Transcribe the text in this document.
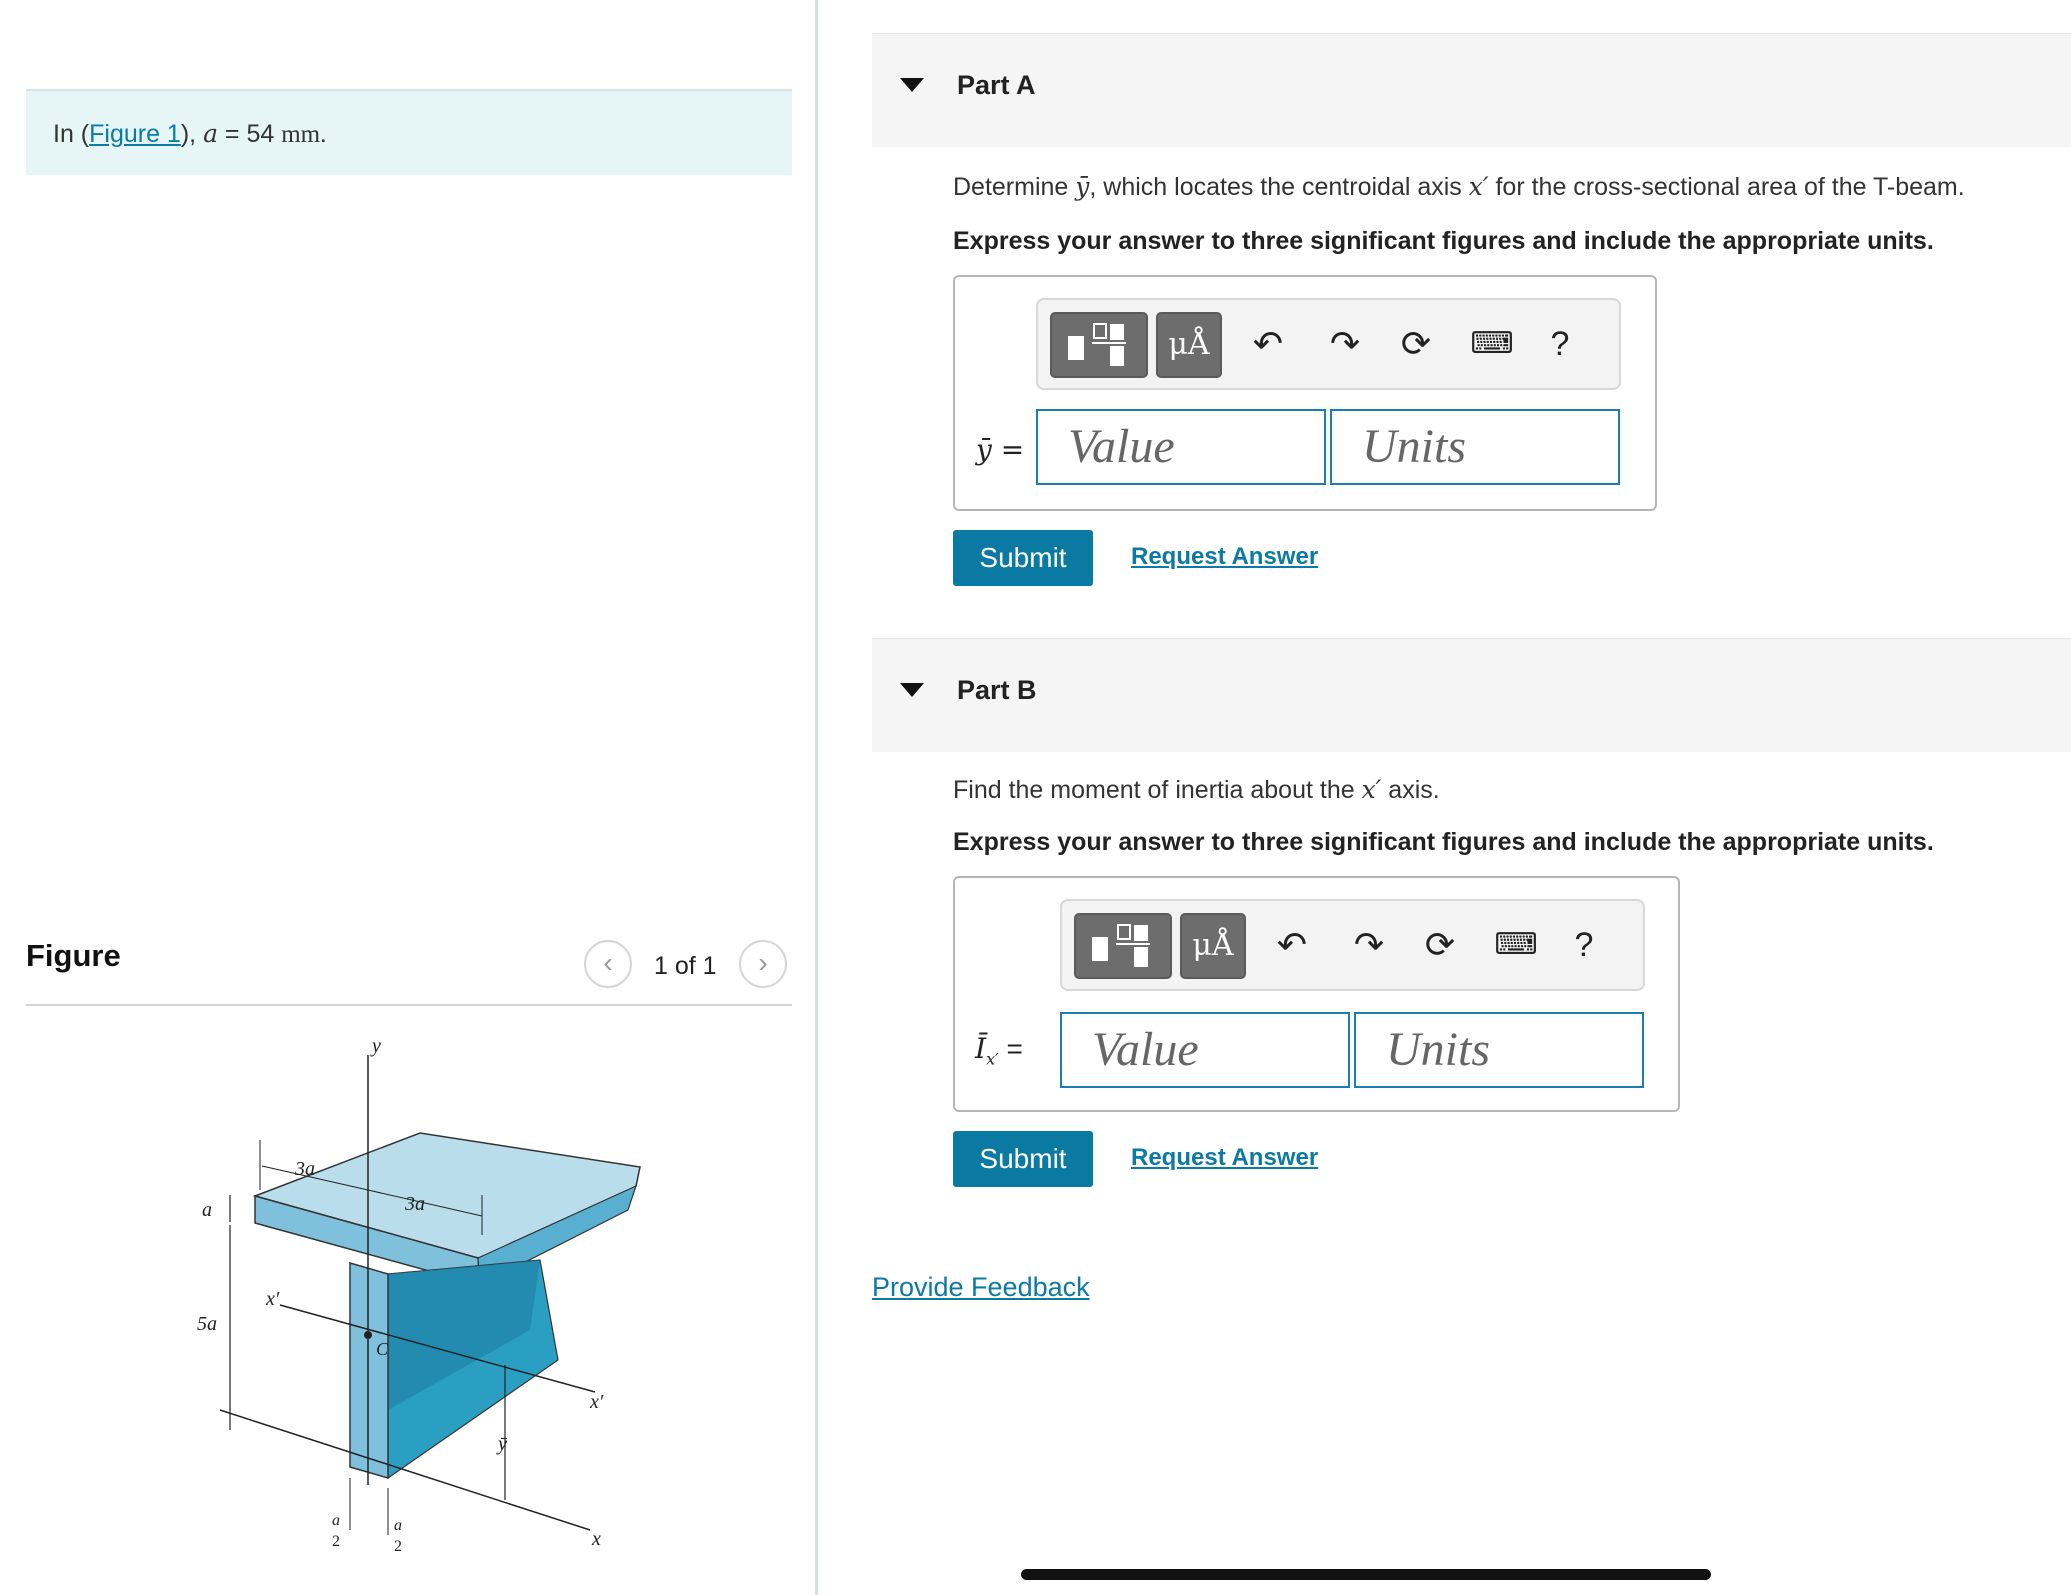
In (Figure 1), a = 54 mm.
Figure	‹	1 of 1	›
y
x
x′
x′
C
a
5a
3a
3a
ȳ
a
2
a
2
Part A
Determine ȳ, which locates the centroidal axis x′ for the cross-sectional area of the T-beam.
Express your answer to three significant figures and include the appropriate units.
μÅ	↶ ↷ ⟳ ⌨	?
ȳ = Value	Units
Submit	Request Answer
Part B
Find the moment of inertia about the x′ axis.
Express your answer to three significant figures and include the appropriate units.
μÅ	↶ ↷ ⟳ ⌨	?
$Ī_{x'}$ =	Value	Units
Submit	Request Answer
Provide Feedback
